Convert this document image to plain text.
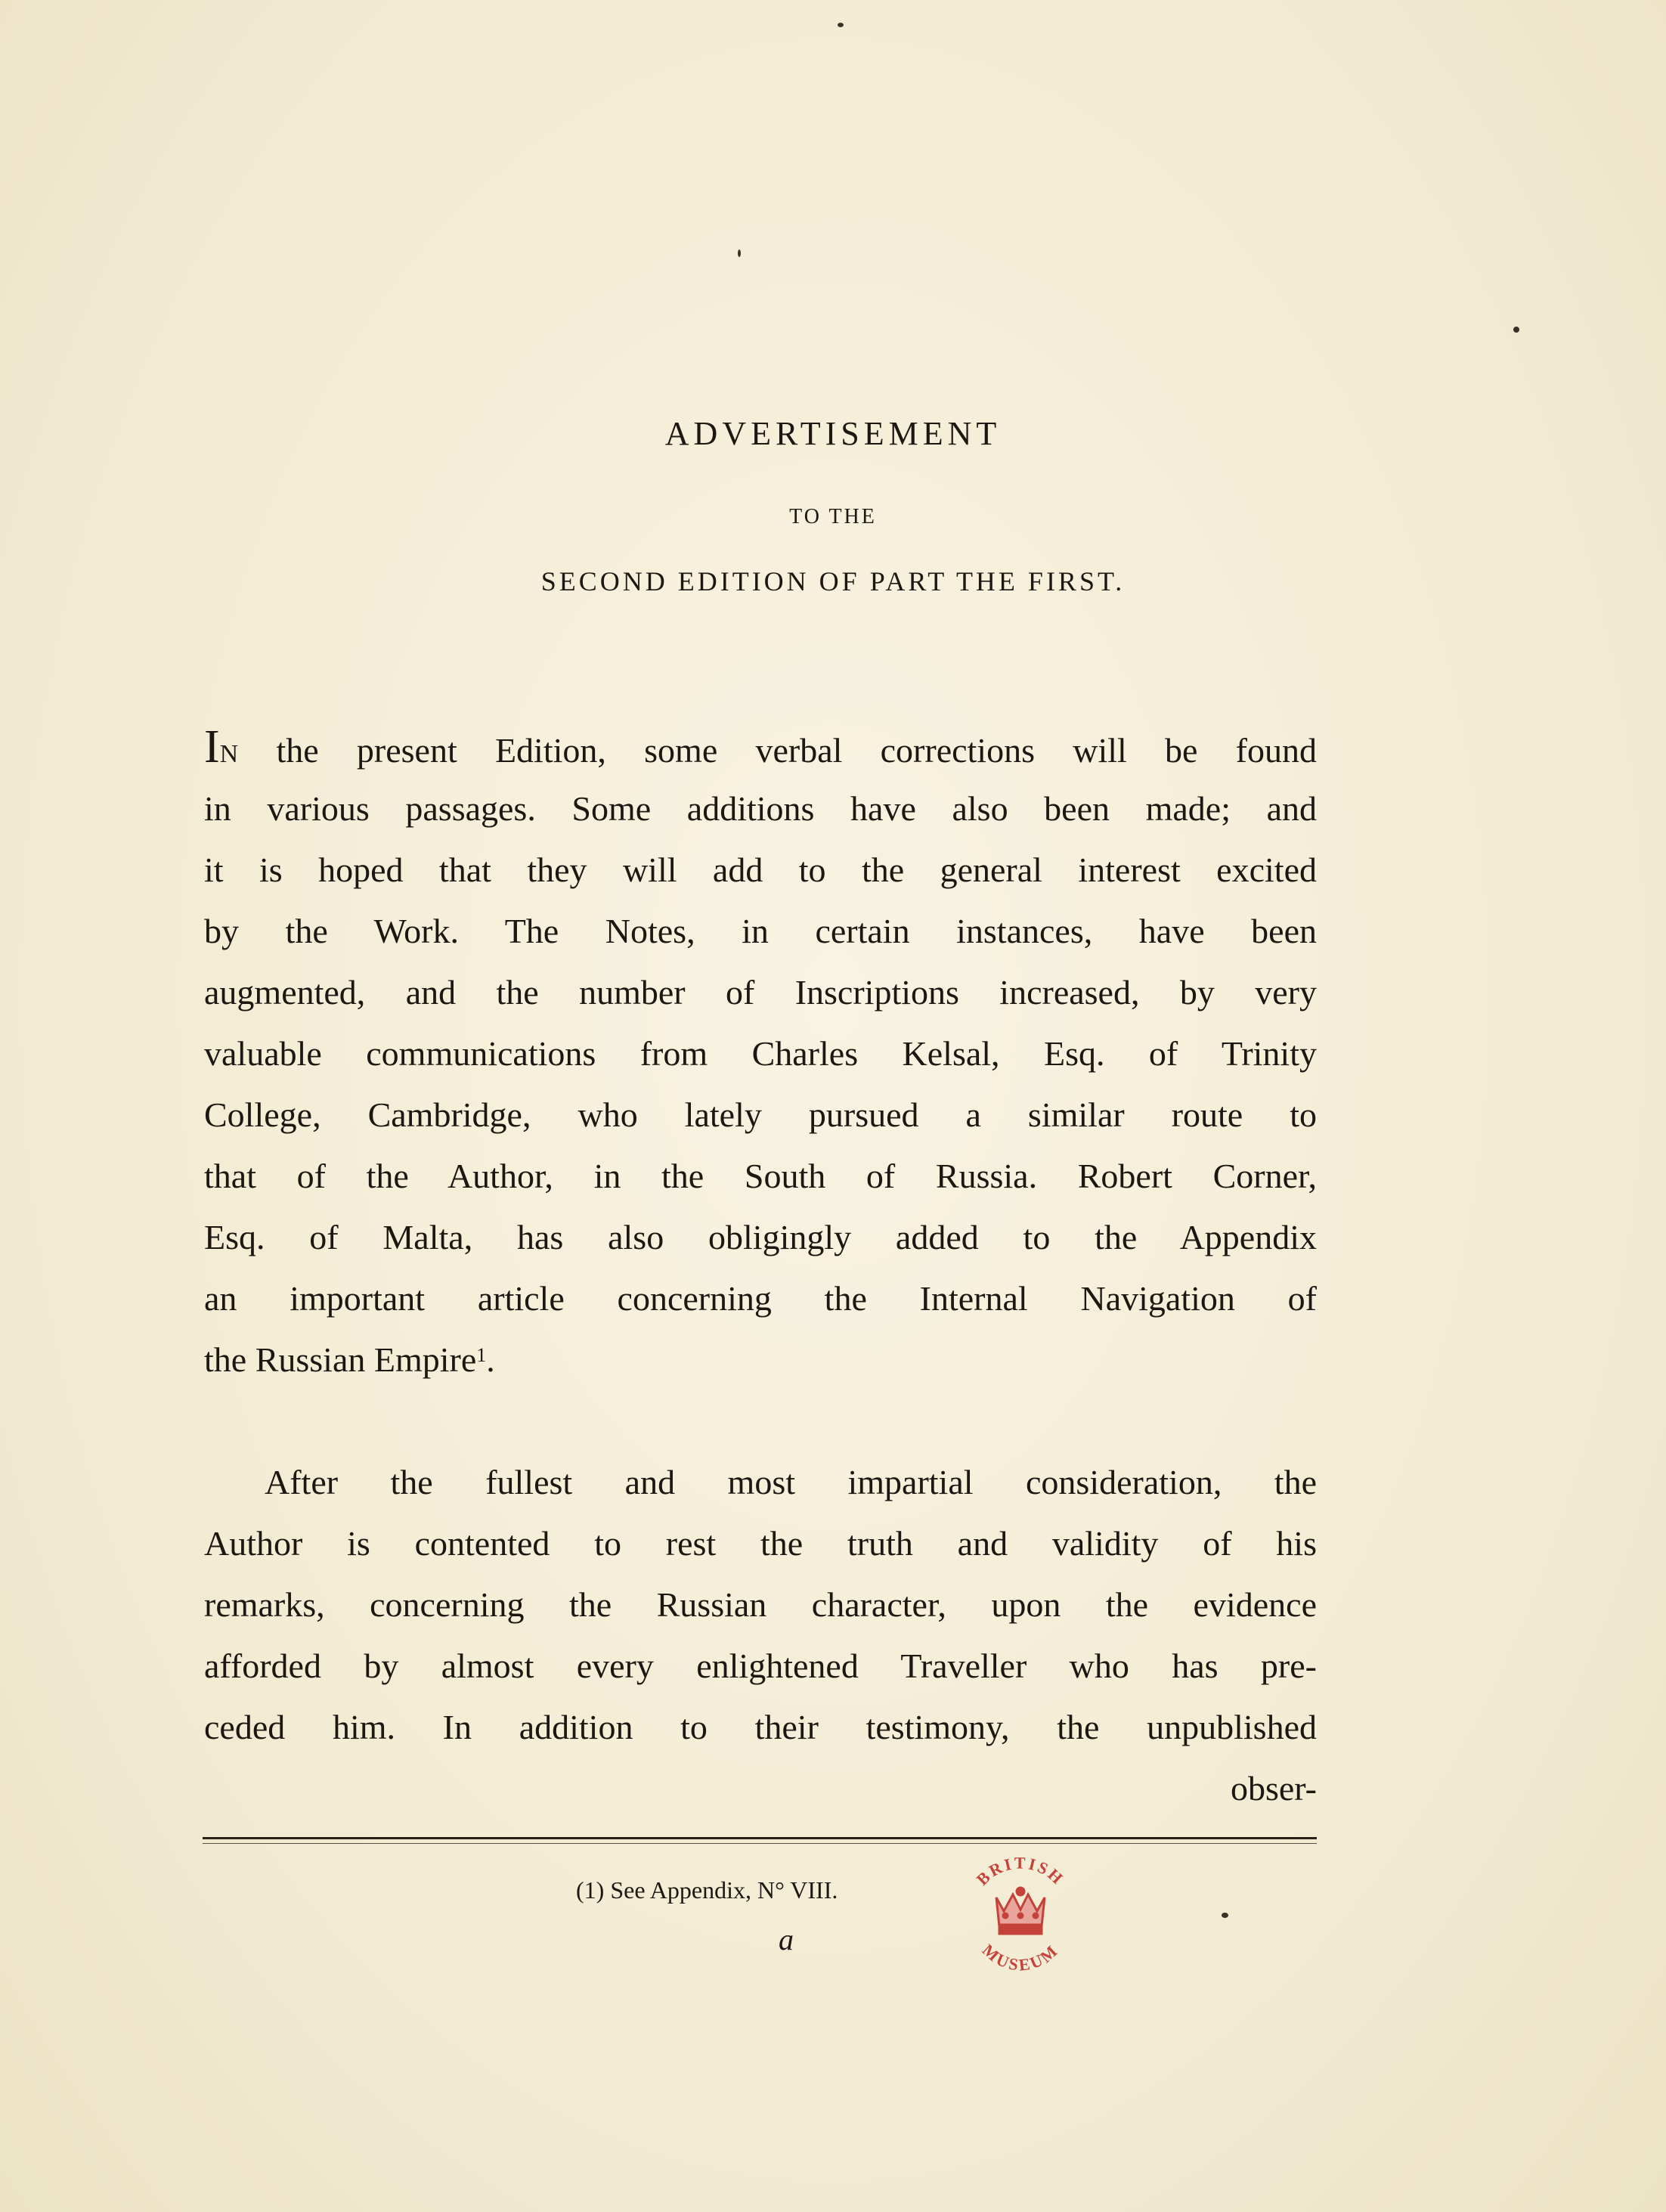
ADVERTISEMENT
TO THE
SECOND EDITION OF PART THE FIRST.
IN the present Edition, some verbal corrections will be found
in various passages. Some additions have also been made; and
it is hoped that they will add to the general interest excited
by the Work. The Notes, in certain instances, have been
augmented, and the number of Inscriptions increased, by very
valuable communications from Charles Kelsal, Esq. of Trinity
College, Cambridge, who lately pursued a similar route to
that of the Author, in the South of Russia. Robert Corner,
Esq. of Malta, has also obligingly added to the Appendix
an important article concerning the Internal Navigation of
the Russian Empire$^1$.
After the fullest and most impartial consideration, the
Author is contented to rest the truth and validity of his
remarks, concerning the Russian character, upon the evidence
afforded by almost every enlightened Traveller who has pre-
ceded him. In addition to their testimony, the unpublished
obser-
(1) See Appendix, N° VIII.
a
BRITISH
MUSEUM
